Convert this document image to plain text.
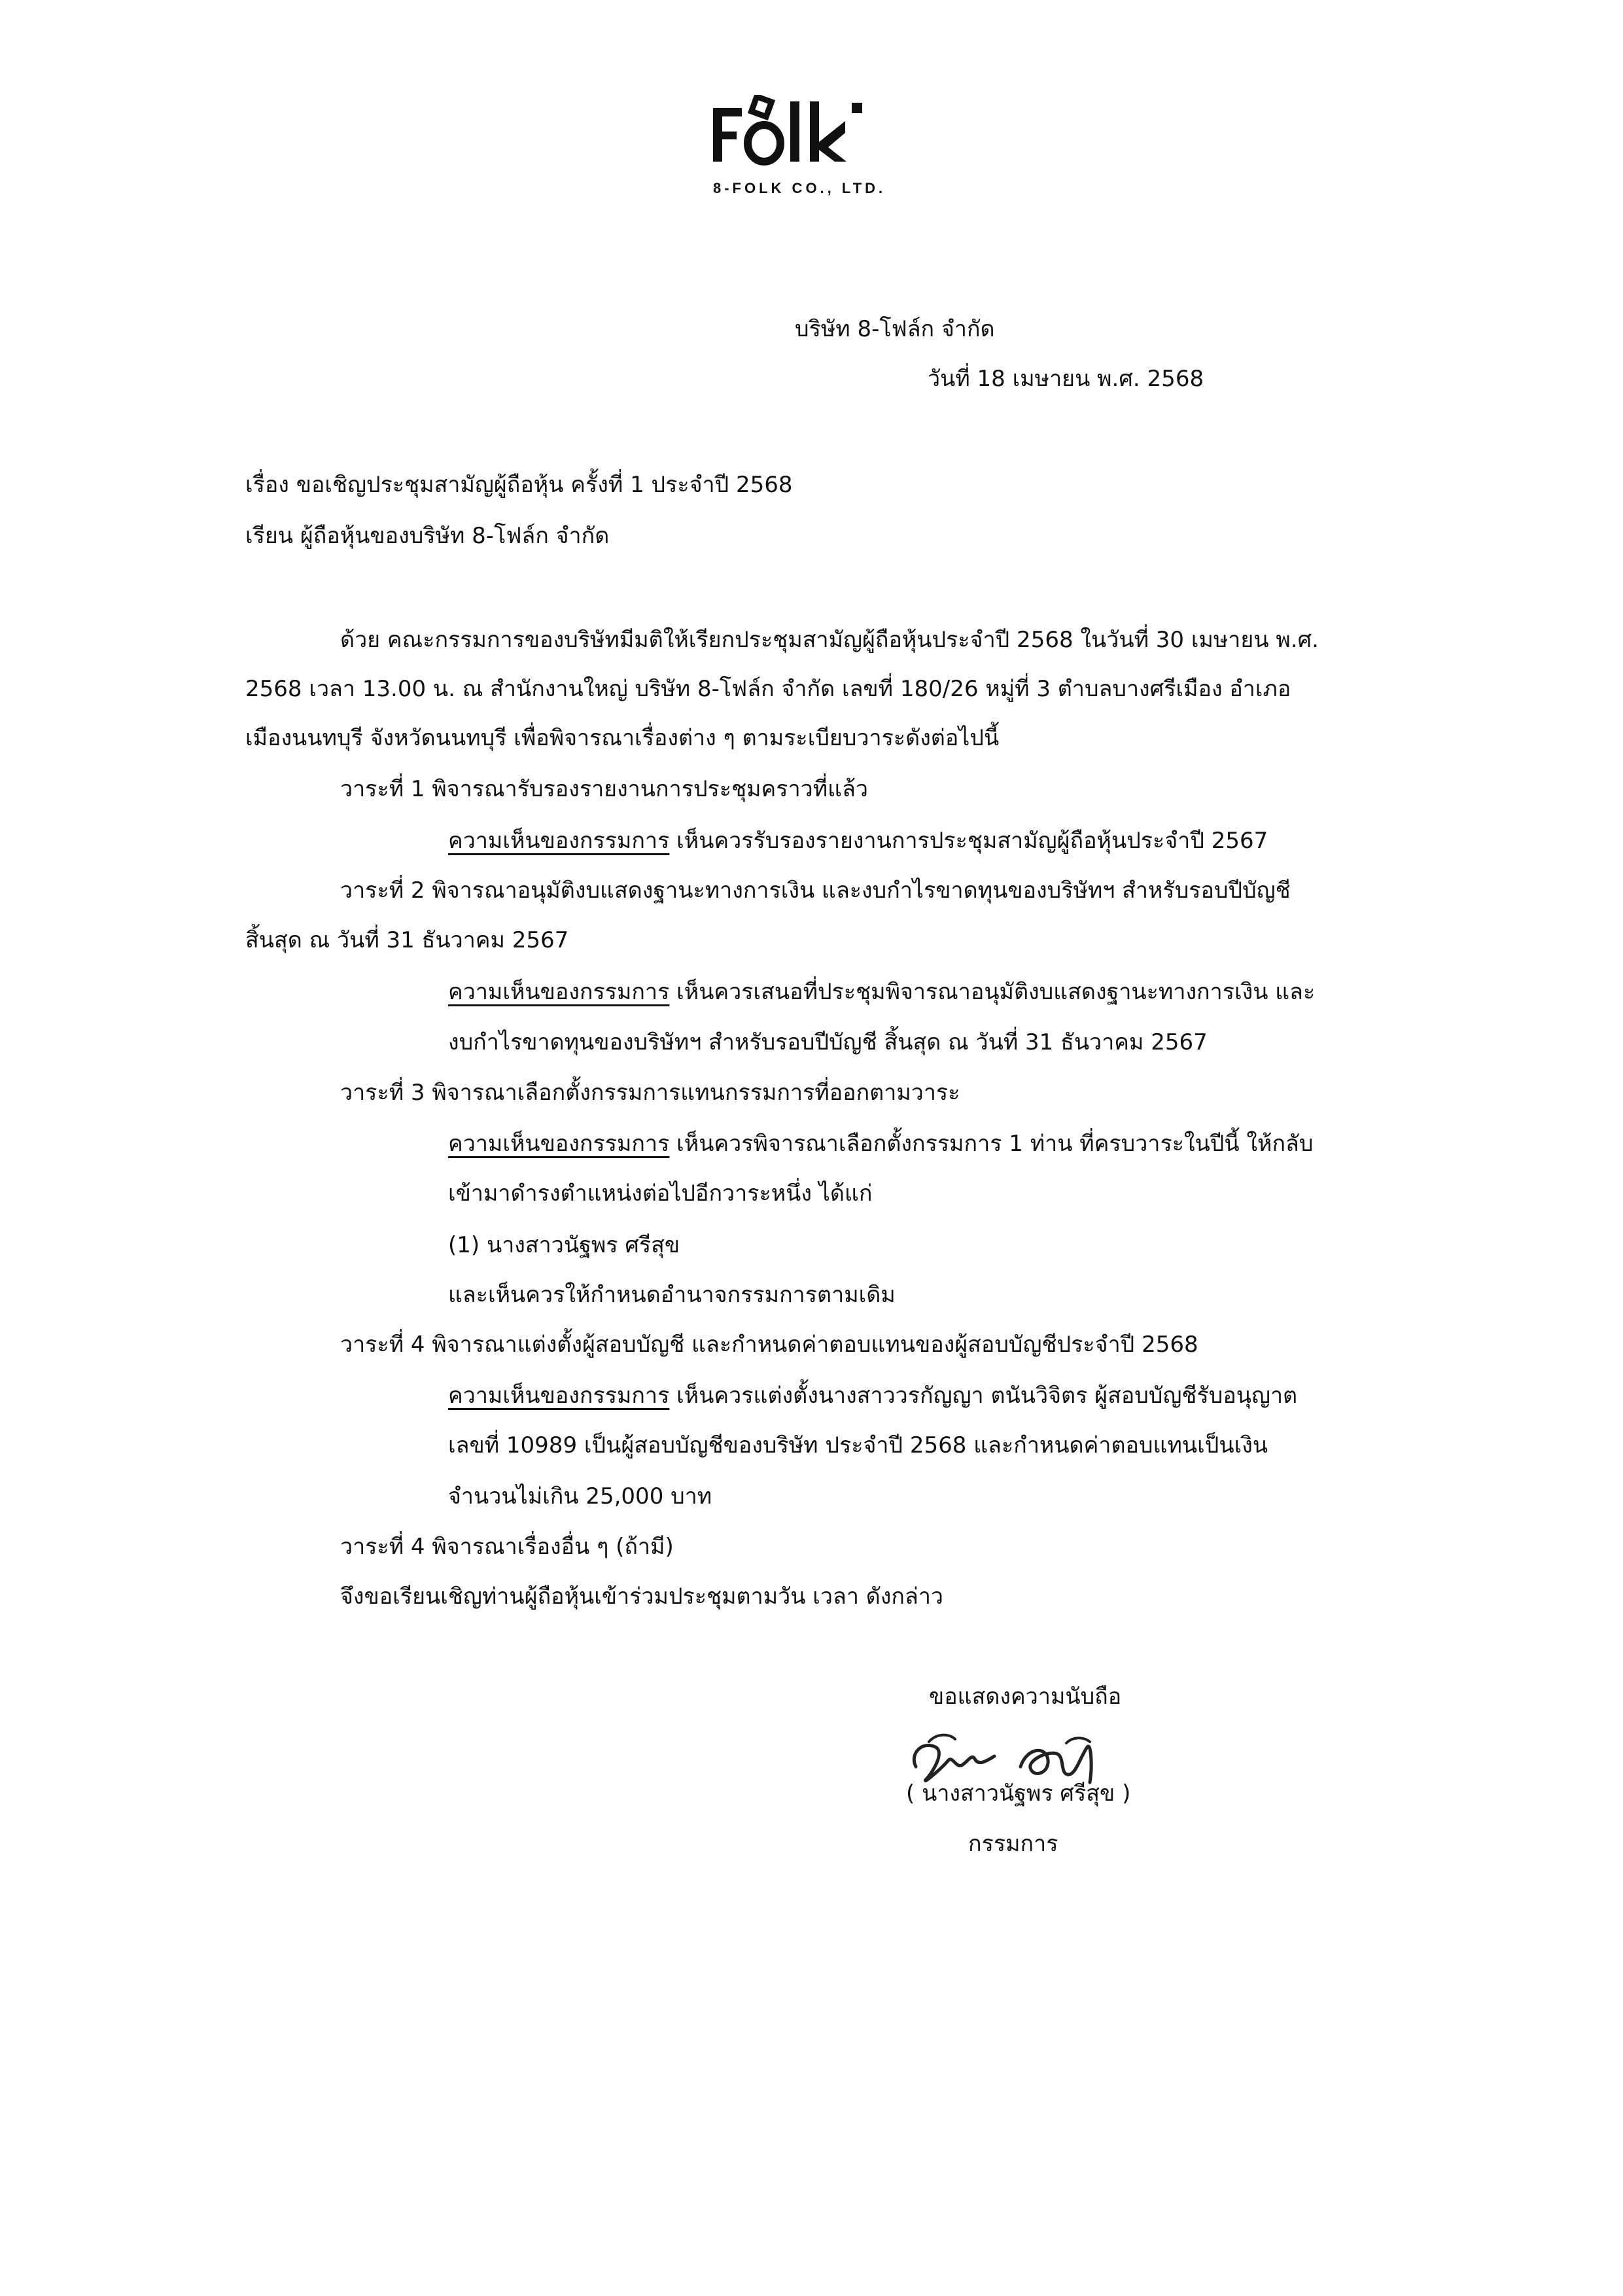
8-FOLK CO., LTD.
บริษัท 8-โฟล์ก จำกัด
วันที่ 18 เมษายน พ.ศ. 2568
เรื่อง ขอเชิญประชุมสามัญผู้ถือหุ้น ครั้งที่ 1 ประจำปี 2568
เรียน ผู้ถือหุ้นของบริษัท 8-โฟล์ก จำกัด
ด้วย คณะกรรมการของบริษัทมีมติให้เรียกประชุมสามัญผู้ถือหุ้นประจำปี 2568 ในวันที่ 30 เมษายน พ.ศ.
2568 เวลา 13.00 น. ณ สำนักงานใหญ่ บริษัท 8-โฟล์ก จำกัด เลขที่ 180/26 หมู่ที่ 3 ตำบลบางศรีเมือง อำเภอ
เมืองนนทบุรี จังหวัดนนทบุรี เพื่อพิจารณาเรื่องต่าง ๆ ตามระเบียบวาระดังต่อไปนี้
วาระที่ 1 พิจารณารับรองรายงานการประชุมคราวที่แล้ว
ความเห็นของกรรมการ เห็นควรรับรองรายงานการประชุมสามัญผู้ถือหุ้นประจำปี 2567
วาระที่ 2 พิจารณาอนุมัติงบแสดงฐานะทางการเงิน และงบกำไรขาดทุนของบริษัทฯ สำหรับรอบปีบัญชี
สิ้นสุด ณ วันที่ 31 ธันวาคม 2567
ความเห็นของกรรมการ เห็นควรเสนอที่ประชุมพิจารณาอนุมัติงบแสดงฐานะทางการเงิน และ
งบกำไรขาดทุนของบริษัทฯ สำหรับรอบปีบัญชี สิ้นสุด ณ วันที่ 31 ธันวาคม 2567
วาระที่ 3 พิจารณาเลือกตั้งกรรมการแทนกรรมการที่ออกตามวาระ
ความเห็นของกรรมการ เห็นควรพิจารณาเลือกตั้งกรรมการ 1 ท่าน ที่ครบวาระในปีนี้ ให้กลับ
เข้ามาดำรงตำแหน่งต่อไปอีกวาระหนึ่ง ได้แก่
(1) นางสาวนัฐพร ศรีสุข
และเห็นควรให้กำหนดอำนาจกรรมการตามเดิม
วาระที่ 4 พิจารณาแต่งตั้งผู้สอบบัญชี และกำหนดค่าตอบแทนของผู้สอบบัญชีประจำปี 2568
ความเห็นของกรรมการ เห็นควรแต่งตั้งนางสาววรกัญญา ตนันวิจิตร ผู้สอบบัญชีรับอนุญาต
เลขที่ 10989 เป็นผู้สอบบัญชีของบริษัท ประจำปี 2568 และกำหนดค่าตอบแทนเป็นเงิน
จำนวนไม่เกิน 25,000 บาท
วาระที่ 4 พิจารณาเรื่องอื่น ๆ (ถ้ามี)
จึงขอเรียนเชิญท่านผู้ถือหุ้นเข้าร่วมประชุมตามวัน เวลา ดังกล่าว
ขอแสดงความนับถือ
( นางสาวนัฐพร ศรีสุข )
กรรมการ
